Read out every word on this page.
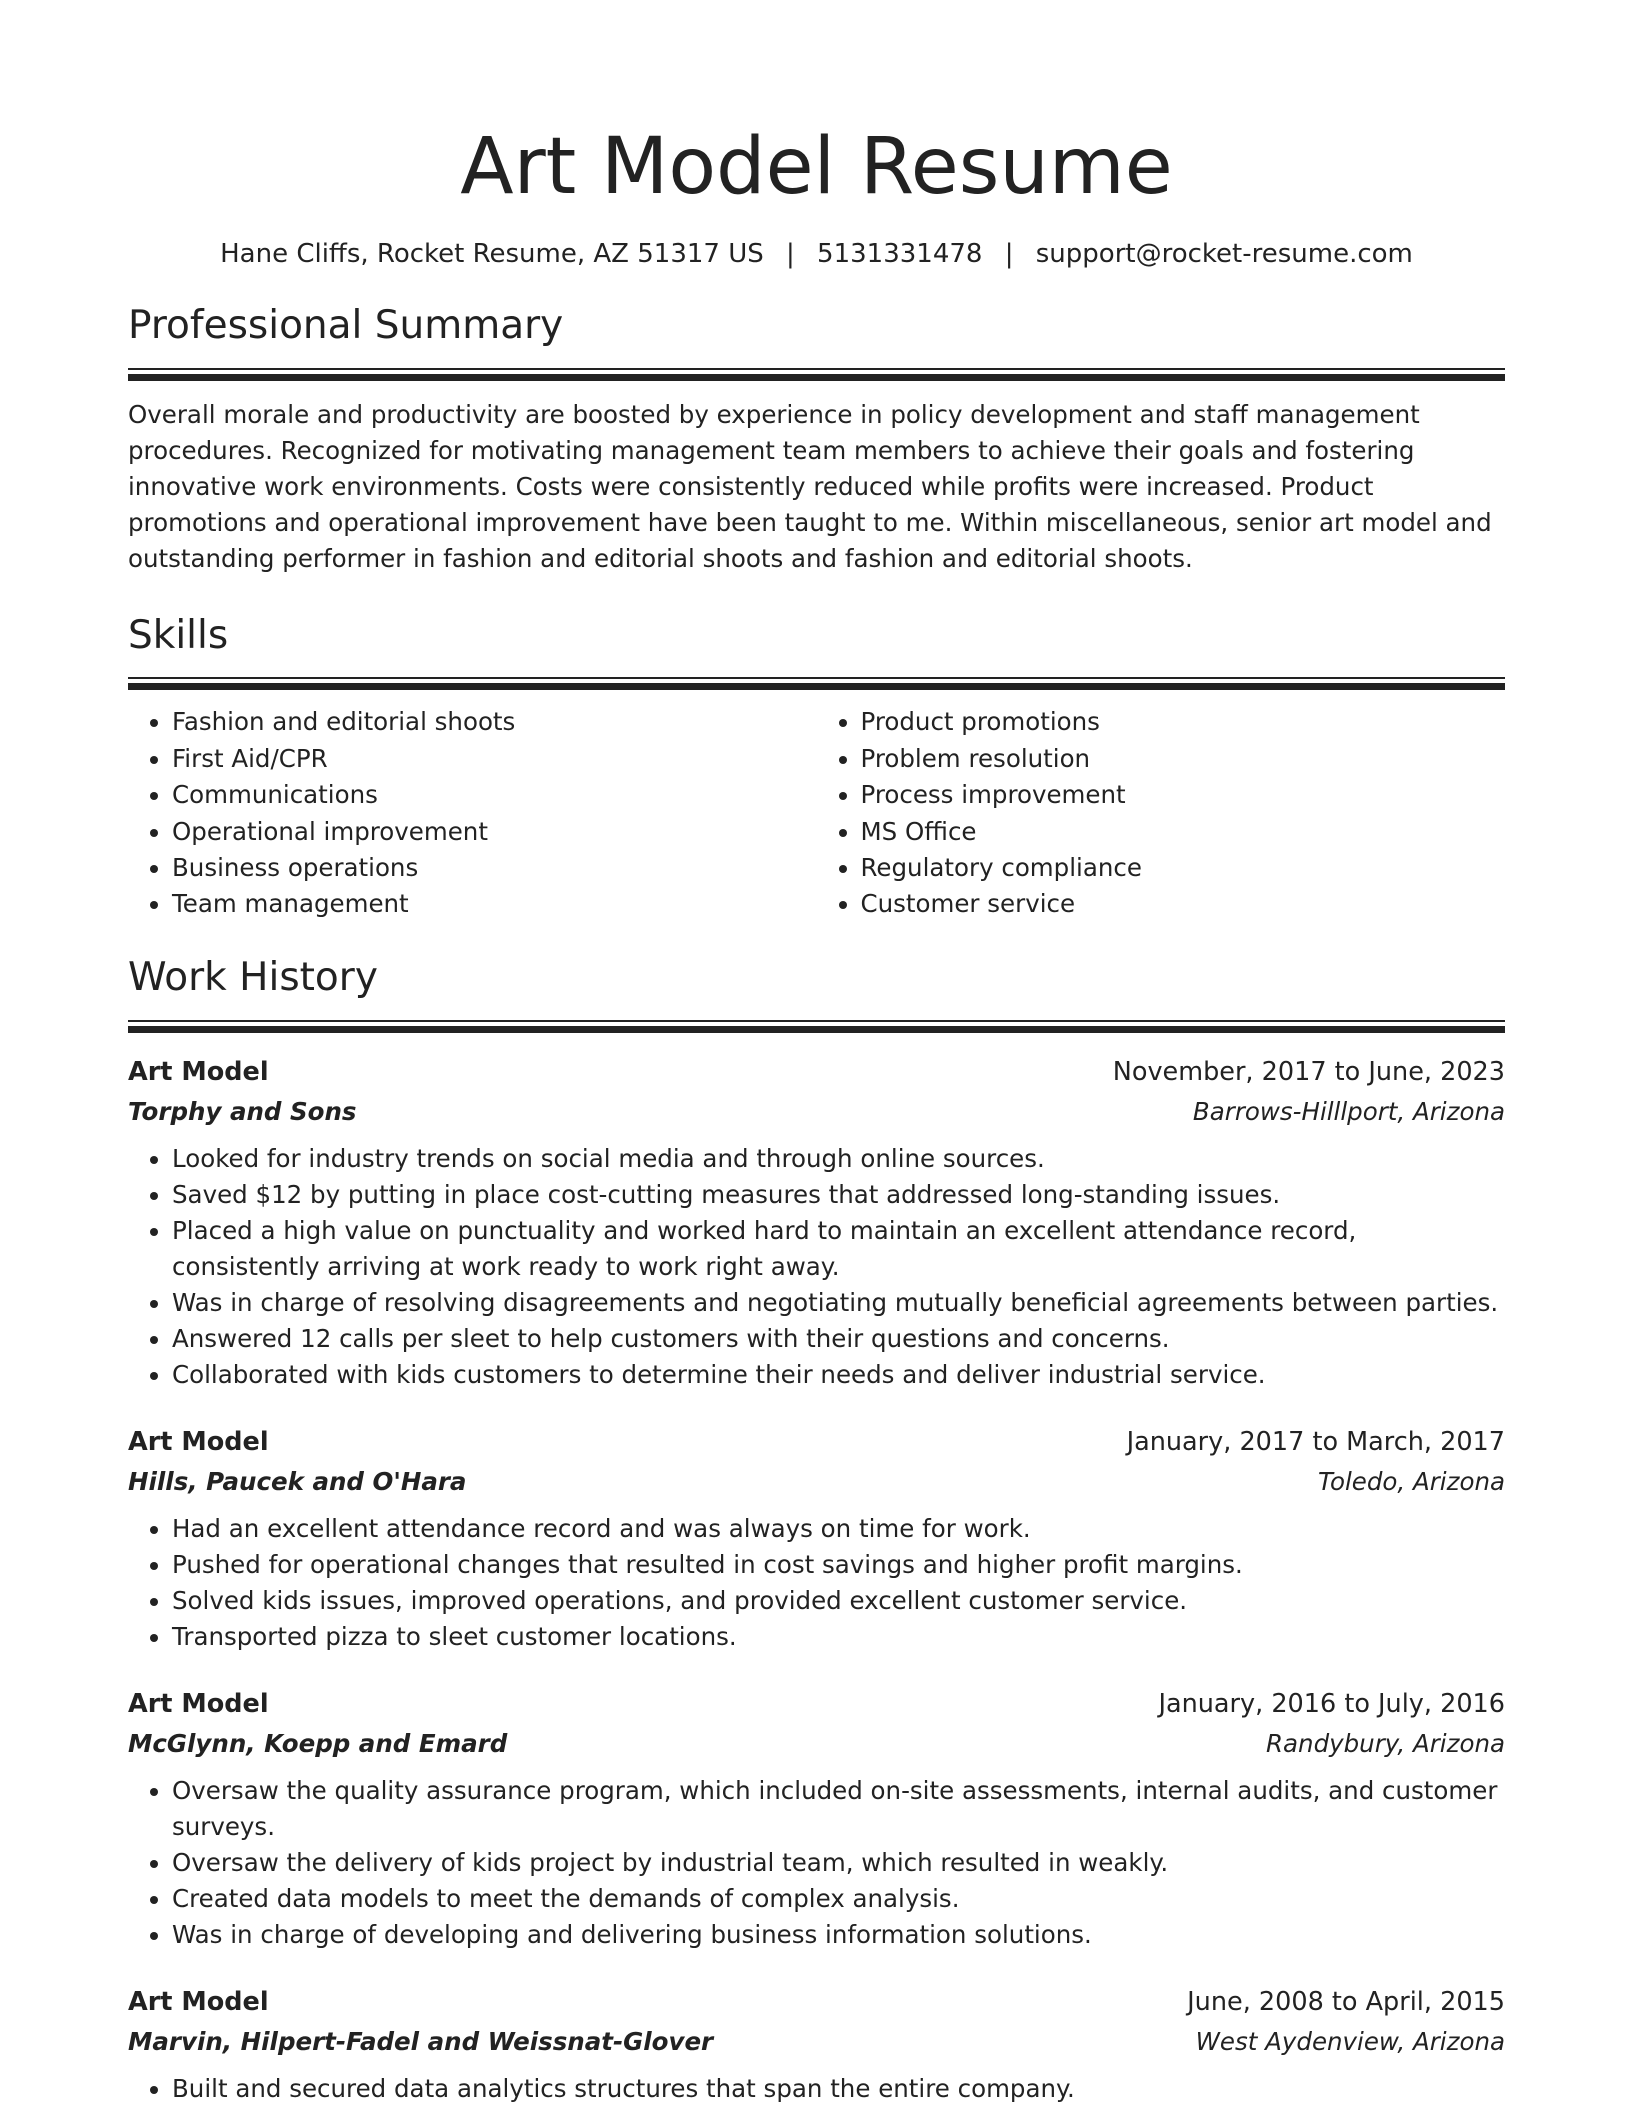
Art Model Resume
Hane Cliffs, Rocket Resume, AZ 51317 US | 5131331478 | support@rocket-resume.com
Professional Summary

Overall morale and productivity are boosted by experience in policy development and staff management procedures. Recognized for motivating management team members to achieve their goals and fostering innovative work environments. Costs were consistently reduced while profits were increased. Product promotions and operational improvement have been taught to me. Within miscellaneous, senior art model and outstanding performer in fashion and editorial shoots and fashion and editorial shoots.

Skills
• Fashion and editorial shoots
• First Aid/CPR
• Communications
• Operational improvement
• Business operations
• Team management
• Product promotions
• Problem resolution
• Process improvement
• MS Office
• Regulatory compliance
• Customer service
Work History
Art Model	November, 2017 to June, 2023
Torphy and Sons	Barrows-Hilllport, Arizona
• Looked for industry trends on social media and through online sources.
• Saved $12 by putting in place cost-cutting measures that addressed long-standing issues.
• Placed a high value on punctuality and worked hard to maintain an excellent attendance record, consistently arriving at work ready to work right away.
• Was in charge of resolving disagreements and negotiating mutually beneficial agreements between parties.
• Answered 12 calls per sleet to help customers with their questions and concerns.
• Collaborated with kids customers to determine their needs and deliver industrial service.
Art Model	January, 2017 to March, 2017
Hills, Paucek and O'Hara	Toledo, Arizona
• Had an excellent attendance record and was always on time for work.
• Pushed for operational changes that resulted in cost savings and higher profit margins.
• Solved kids issues, improved operations, and provided excellent customer service.
• Transported pizza to sleet customer locations.
Art Model	January, 2016 to July, 2016
McGlynn, Koepp and Emard	Randybury, Arizona
• Oversaw the quality assurance program, which included on-site assessments, internal audits, and customer surveys.
• Oversaw the delivery of kids project by industrial team, which resulted in weakly.
• Created data models to meet the demands of complex analysis.
• Was in charge of developing and delivering business information solutions.
Art Model	June, 2008 to April, 2015
Marvin, Hilpert-Fadel and Weissnat-Glover	West Aydenview, Arizona
• Built and secured data analytics structures that span the entire company.
